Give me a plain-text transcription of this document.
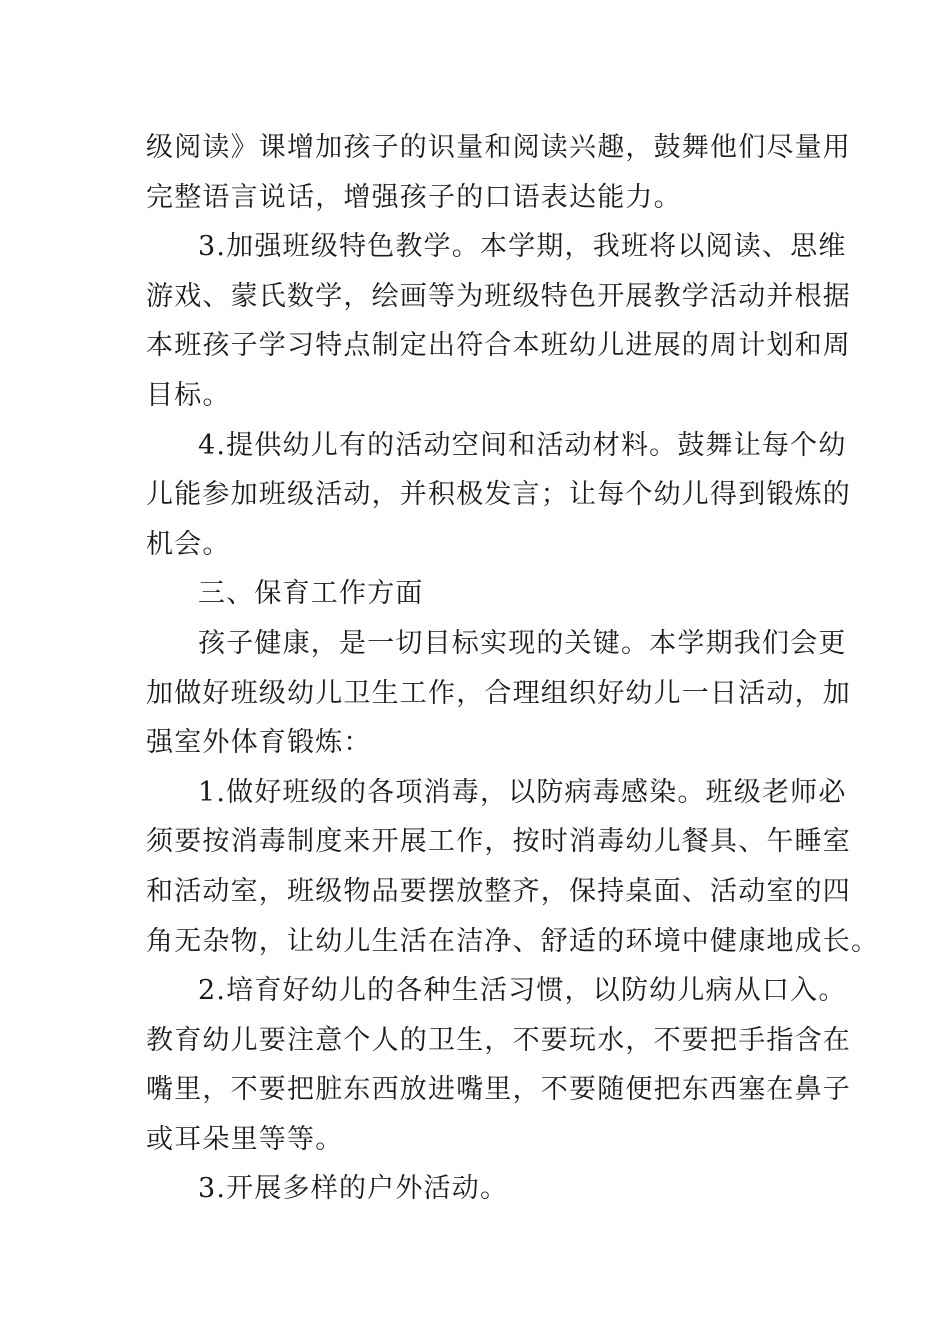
级阅读》课增加孩子的识量和阅读兴趣，鼓舞他们尽量用
完整语言说话，增强孩子的口语表达能力。
3.加强班级特色教学。本学期，我班将以阅读、思维
游戏、蒙氏数学，绘画等为班级特色开展教学活动并根据
本班孩子学习特点制定出符合本班幼儿进展的周计划和周
目标。
4.提供幼儿有的活动空间和活动材料。鼓舞让每个幼
儿能参加班级活动，并积极发言；让每个幼儿得到锻炼的
机会。
三、保育工作方面
孩子健康，是一切目标实现的关键。本学期我们会更
加做好班级幼儿卫生工作，合理组织好幼儿一日活动，加
强室外体育锻炼：
1.做好班级的各项消毒，以防病毒感染。班级老师必
须要按消毒制度来开展工作，按时消毒幼儿餐具、午睡室
和活动室，班级物品要摆放整齐，保持桌面、活动室的四
角无杂物，让幼儿生活在洁净、舒适的环境中健康地成长。
2.培育好幼儿的各种生活习惯，以防幼儿病从口入。
教育幼儿要注意个人的卫生，不要玩水，不要把手指含在
嘴里，不要把脏东西放进嘴里，不要随便把东西塞在鼻子
或耳朵里等等。
3.开展多样的户外活动。
